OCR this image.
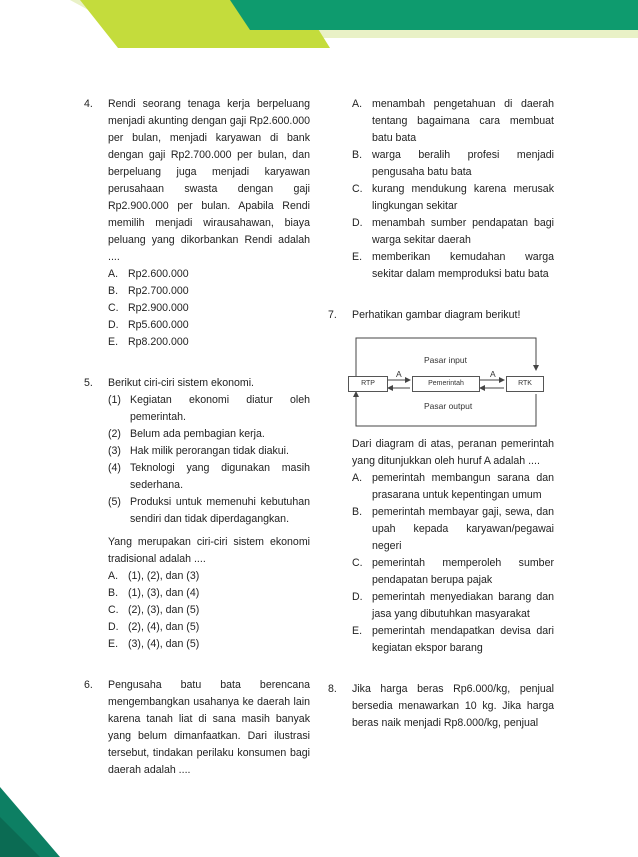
4. Rendi seorang tenaga kerja berpeluang menjadi akunting dengan gaji Rp2.600.000 per bulan, menjadi karyawan di bank dengan gaji Rp2.700.000 per bulan, dan berpeluang juga menjadi karyawan perusahaan swasta dengan gaji Rp2.900.000 per bulan. Apabila Rendi memilih menjadi wirausahawan, biaya peluang yang dikorbankan Rendi adalah ....
A. Rp2.600.000
B. Rp2.700.000
C. Rp2.900.000
D. Rp5.600.000
E. Rp8.200.000
5. Berikut ciri-ciri sistem ekonomi.
(1) Kegiatan ekonomi diatur oleh pemerintah.
(2) Belum ada pembagian kerja.
(3) Hak milik perorangan tidak diakui.
(4) Teknologi yang digunakan masih sederhana.
(5) Produksi untuk memenuhi kebutuhan sendiri dan tidak diperdagangkan.
Yang merupakan ciri-ciri sistem ekonomi tradisional adalah ....
A. (1), (2), dan (3)
B. (1), (3), dan (4)
C. (2), (3), dan (5)
D. (2), (4), dan (5)
E. (3), (4), dan (5)
6. Pengusaha batu bata berencana mengembangkan usahanya ke daerah lain karena tanah liat di sana masih banyak yang belum dimanfaatkan. Dari ilustrasi tersebut, tindakan perilaku konsumen bagi daerah adalah ....
A. menambah pengetahuan di daerah tentang bagaimana cara membuat batu bata
B. warga beralih profesi menjadi pengusaha batu bata
C. kurang mendukung karena merusak lingkungan sekitar
D. menambah sumber pendapatan bagi warga sekitar daerah
E. memberikan kemudahan warga sekitar dalam memproduksi batu bata
7. Perhatikan gambar diagram berikut!
RTP	Pemerintah	RTK
Pasar input
A	A
Pasar output
Dari diagram di atas, peranan pemerintah yang ditunjukkan oleh huruf A adalah ....
A. pemerintah membangun sarana dan prasarana untuk kepentingan umum
B. pemerintah membayar gaji, sewa, dan upah kepada karyawan/pegawai negeri
C. pemerintah memperoleh sumber pendapatan berupa pajak
D. pemerintah menyediakan barang dan jasa yang dibutuhkan masyarakat
E. pemerintah mendapatkan devisa dari kegiatan ekspor barang
8. Jika harga beras Rp6.000/kg, penjual bersedia menawarkan 10 kg. Jika harga beras naik menjadi Rp8.000/kg, penjual
